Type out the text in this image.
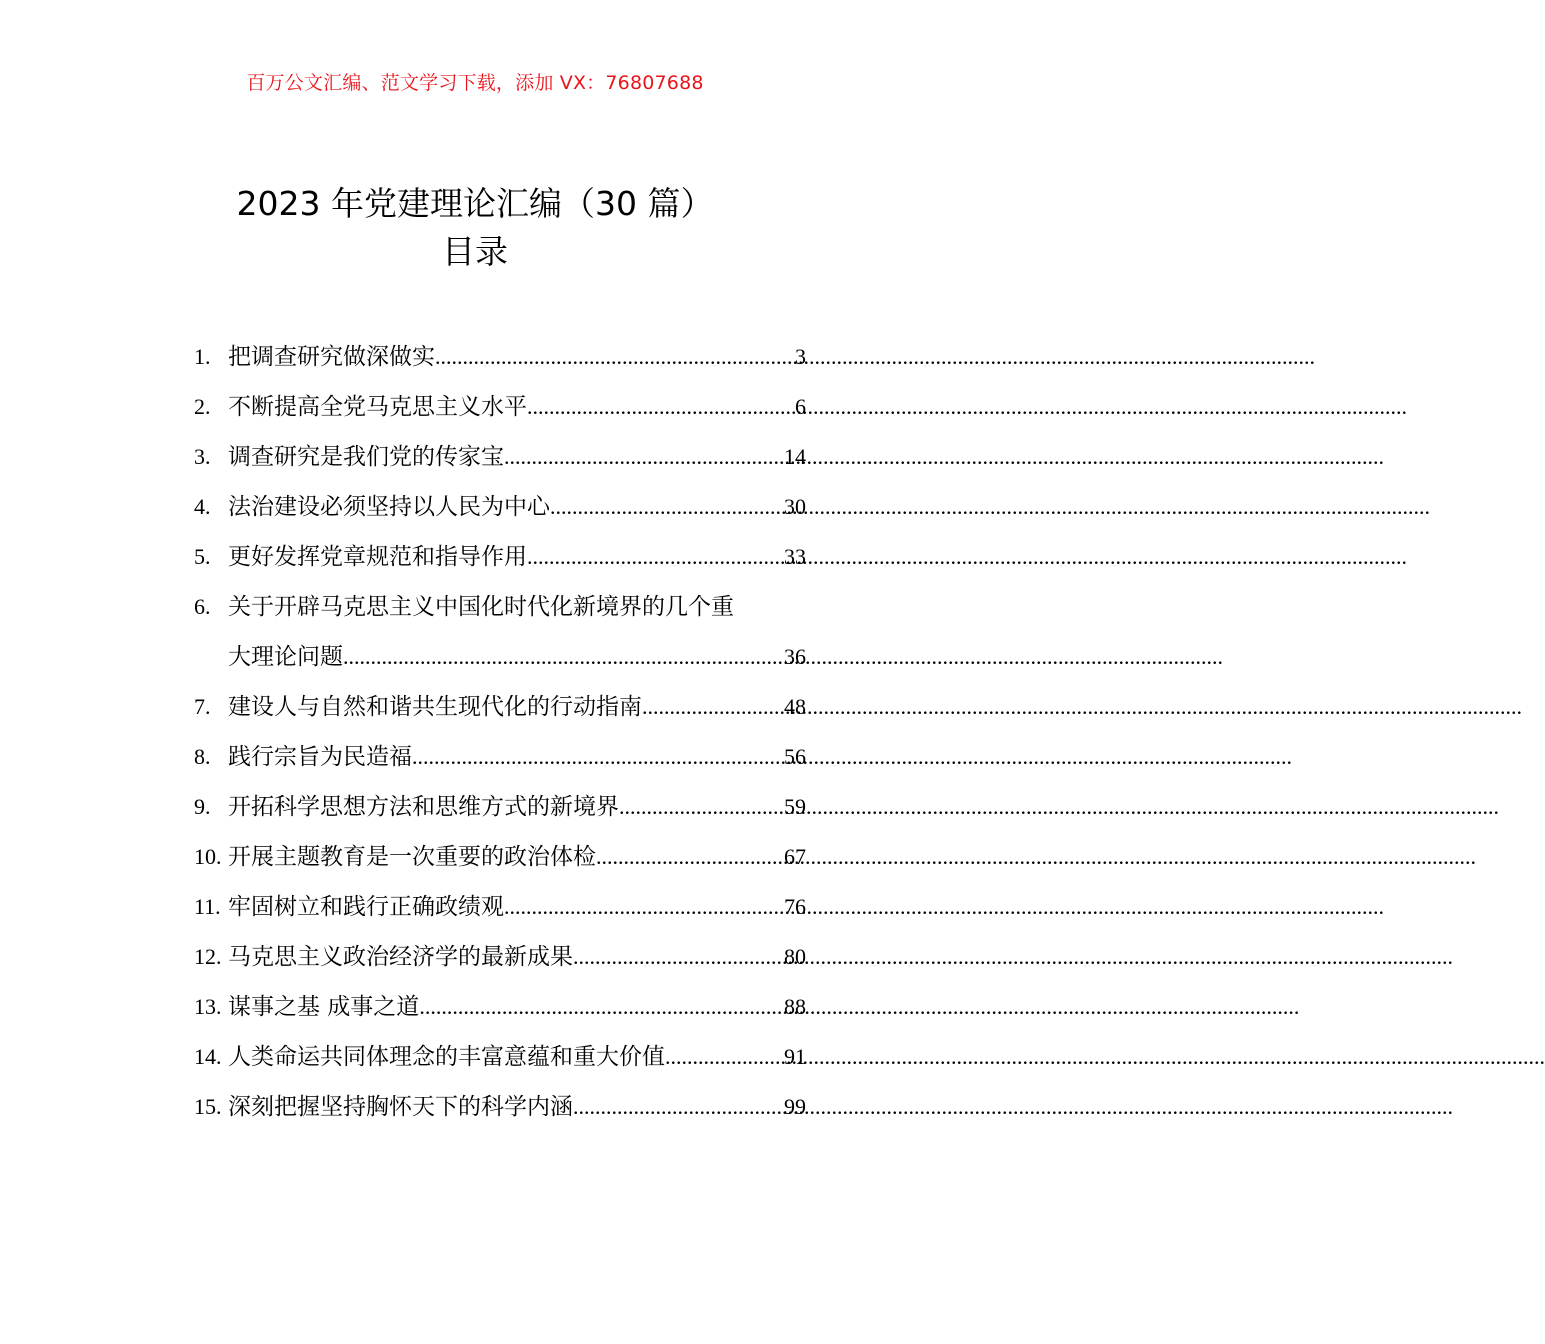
百万公文汇编、范文学习下载，添加 VX：76807688
2023 年党建理论汇编（30 篇）
目录
1. 把调查研究做深做实 .....	3
2. 不断提高全党马克思主义水平 .....	6
3. 调查研究是我们党的传家宝 .....	14
4. 法治建设必须坚持以人民为中心 .....	30
5. 更好发挥党章规范和指导作用 .....	33
6. 关于开辟马克思主义中国化时代化新境界的几个重
大理论问题 .....	36
7. 建设人与自然和谐共生现代化的行动指南 .....	48
8. 践行宗旨为民造福 .....	56
9. 开拓科学思想方法和思维方式的新境界 .....	59
10. 开展主题教育是一次重要的政治体检 .....	67
11. 牢固树立和践行正确政绩观 .....	76
12. 马克思主义政治经济学的最新成果 .....	80
13. 谋事之基 成事之道 .....	88
14. 人类命运共同体理念的丰富意蕴和重大价值 .....	91
15. 深刻把握坚持胸怀天下的科学内涵 .....	99
